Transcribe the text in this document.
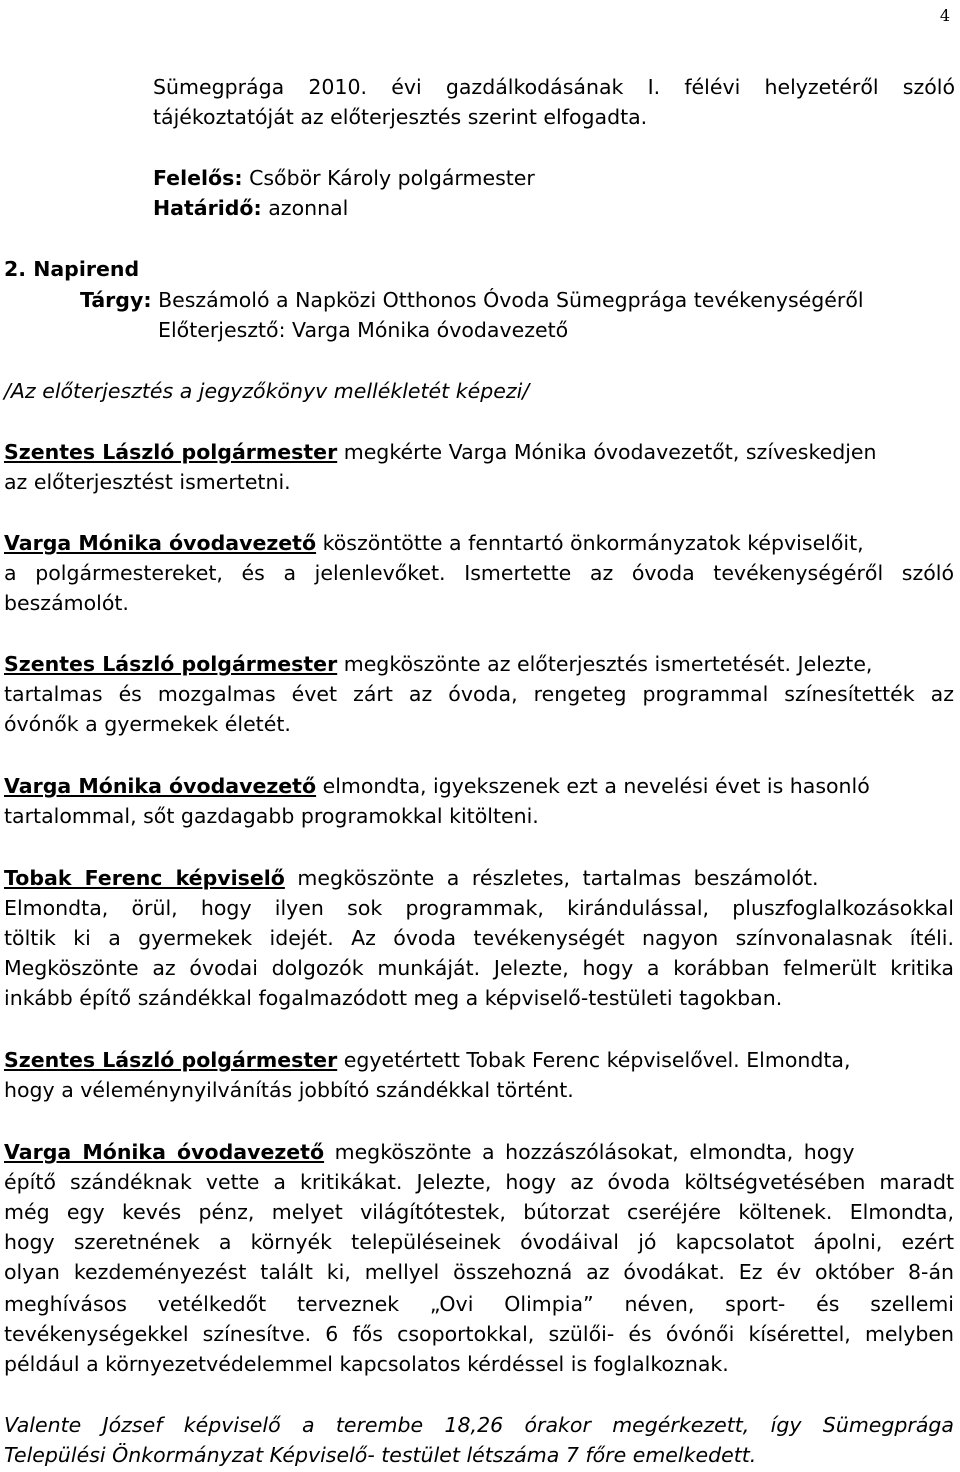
4
Sümegprága 2010. évi gazdálkodásának I. félévi helyzetéről szóló
tájékoztatóját az előterjesztés szerint elfogadta.
Felelős: Csőbör Károly polgármester
Határidő: azonnal
2. Napirend
Tárgy: Beszámoló a Napközi Otthonos Óvoda Sümegprága tevékenységéről
Előterjesztő: Varga Mónika óvodavezető
/Az előterjesztés a jegyzőkönyv mellékletét képezi/
Szentes László polgármester megkérte Varga Mónika óvodavezetőt, szíveskedjen
az előterjesztést ismertetni.
Varga Mónika óvodavezető köszöntötte a fenntartó önkormányzatok képviselőit,
a polgármestereket, és a jelenlevőket. Ismertette az óvoda tevékenységéről szóló
beszámolót.
Szentes László polgármester megköszönte az előterjesztés ismertetését. Jelezte,
tartalmas és mozgalmas évet zárt az óvoda, rengeteg programmal színesítették az
óvónők a gyermekek életét.
Varga Mónika óvodavezető elmondta, igyekszenek ezt a nevelési évet is hasonló
tartalommal, sőt gazdagabb programokkal kitölteni.
Tobak Ferenc képviselő megköszönte a részletes, tartalmas beszámolót.
Elmondta, örül, hogy ilyen sok programmak, kirándulással, pluszfoglalkozásokkal
töltik ki a gyermekek idejét. Az óvoda tevékenységét nagyon színvonalasnak ítéli.
Megköszönte az óvodai dolgozók munkáját. Jelezte, hogy a korábban felmerült kritika
inkább építő szándékkal fogalmazódott meg a képviselő-testületi tagokban.
Szentes László polgármester egyetértett Tobak Ferenc képviselővel. Elmondta,
hogy a véleménynyilvánítás jobbító szándékkal történt.
Varga Mónika óvodavezető megköszönte a hozzászólásokat, elmondta, hogy
építő szándéknak vette a kritikákat. Jelezte, hogy az óvoda költségvetésében maradt
még egy kevés pénz, melyet világítótestek, bútorzat cseréjére költenek. Elmondta,
hogy szeretnének a környék településeinek óvodáival jó kapcsolatot ápolni, ezért
olyan kezdeményezést talált ki, mellyel összehozná az óvodákat. Ez év október 8-án
meghívásos vetélkedőt terveznek „Ovi Olimpia” néven, sport- és szellemi
tevékenységekkel színesítve. 6 fős csoportokkal, szülői- és óvónői kísérettel, melyben
például a környezetvédelemmel kapcsolatos kérdéssel is foglalkoznak.
Valente József képviselő a terembe 18,26 órakor megérkezett, így Sümegprága
Települési Önkormányzat Képviselő- testület létszáma 7 főre emelkedett.
